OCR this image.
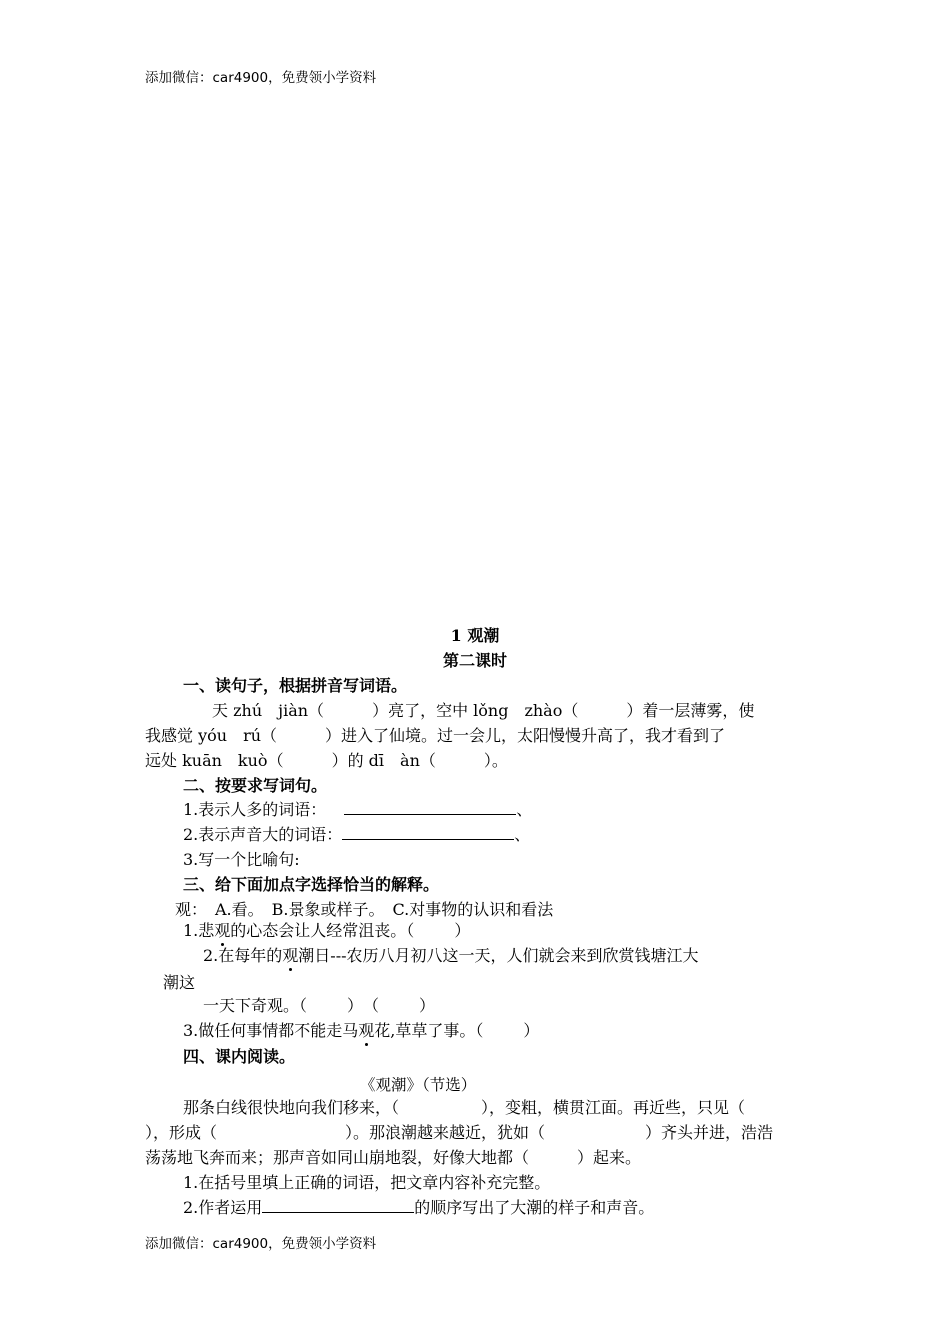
添加微信：car4900，免费领小学资料
1 观潮
第二课时
一、读句子，根据拼音写词语。
天 zhú　jiàn（	）亮了，空中 lǒng　zhào（	）着一层薄雾，使
我感觉 yóu　rú（	）进入了仙境。过一会儿，太阳慢慢升高了，我才看到了
远处 kuān　kuò（	）的 dī　àn（	）。
二、按要求写词句。
1.表示人多的词语：	、
2.表示声音大的词语：	、
3.写一个比喻句:
三、给下面加点字选择恰当的解释。
观：　A.看。　B.景象或样子。　C.对事物的认识和看法
1.悲观的心态会让人经常沮丧。（	）
2.在每年的观潮日---农历八月初八这一天，人们就会来到欣赏钱塘江大
潮这
一天下奇观。（	）　（	）
3.做任何事情都不能走马观花,草草了事。（	）
四、课内阅读。
《观潮》（节选）
那条白线很快地向我们移来，（	），变粗，横贯江面。再近些，只见（
），形成（	）。那浪潮越来越近，犹如（	）齐头并进，浩浩
荡荡地飞奔而来；那声音如同山崩地裂，好像大地都（	）起来。
1.在括号里填上正确的词语，把文章内容补充完整。
2.作者运用	的顺序写出了大潮的样子和声音。
添加微信：car4900，免费领小学资料
